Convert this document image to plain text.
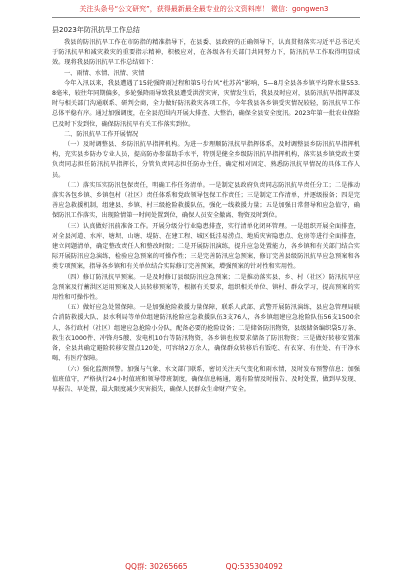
关注头条号“公文研究”，获得最新最全最专业的公文资料库！ 微信：gongwen3
县2023年防汛抗旱工作总结

我县的防汛抗旱工作在市防指的精准指导下，在县委、县政府的正确领导下，认真贯彻落实习近平总书记关于防汛抗旱和减灾救灾的重要指示精神，积极应对，在各级各有关部门共同努力下，防汛抗旱工作取得明显成效。现将我县防汛抗旱工作总结如下：

一、雨情、水情、汛情、灾情

今年入汛以来，我县遭遇了15轮强降雨过程和第5号台风“杜苏芮”影响，5—8月全县各乡镇平均降水量553.8毫米，较往年同期偏多，多轮强降雨导致我县遭受洪涝灾害，灾情发生后，我县及时应对，县防汛抗旱指挥部及时与相关部门沟通联系、研判会商，全力做好防汛救灾各项工作，今年我县各乡镇受灾情况较轻，防汛抗旱工作总体平稳有序。通过加强调度，在全县范围内开展大排查、大整治，确保全县安全度汛。2023年第一批农业保险已及时下发到位，确保防汛抗旱有关工作落实到位。

二、防汛抗旱工作开展情况

（一）及时调整县、乡防汛抗旱指挥机构。为进一步理顺防汛抗旱指挥体系，及时调整县乡防汛抗旱指挥机构，充实县乡防办专业人员，提高防办参谋助手水平，特别是健全乡级防汛抗旱指挥机构，落实县乡镇党政主要负责同志担任防汛抗旱指挥长，分管负责同志担任防办主任，确定相对固定、熟悉防汛抗旱情况的具体工作人员。

（二）落实压实防汛包保责任，明确工作任务清单。一是制定县政府负责同志防汛抗旱责任分工；二是推动落实各包乡镇、乡镇包村（社区）责任体系和党政领导包保工作责任；三是制定工作清单，并逐级报备；四是完善应急救援机制，组建县、乡镇、村三级抢险救援队伍，强化一线救援力量；五是加强日常督导和应急值守，确保防汛工作落实，出现险情第一时间处置到位，确保人员安全撤离、物资及时到位。

（三）认真做好汛前准备工作。开展分级分行业隐患排查，实行清单化闭环管理。一是组织开展全面排查，对全县河道、水库、塘坝、山塘、堤防、在建工程、城区低洼易涝点、地质灾害隐患点、危房等进行全面排查，建立问题清单，确定整改责任人和整改时限；二是开展防汛演练，提升应急处置能力，各乡镇和有关部门结合实际开展防汛应急演练，检验应急预案的可操作性；三是完善防汛应急预案，修订完善县级防汛抗旱应急预案和各类专项预案，指导各乡镇和有关单位结合实际修订完善预案，增强预案的针对性和实用性。

（四）修订防汛抗旱预案。一是及时修订县级防汛应急预案；二是推动落实县、乡、村（社区）防汛抗旱应急预案及行蓄洪区运用预案及人员转移预案等，根据有关要求，组织相关单位、镇村、群众学习，提高预案的实用性和可操作性。

（五）做好应急处置保障。一是加强抢险救援力量保障，联系人武部、武警开展防汛演练，县应急管理局联合消防救援大队、县水利局等单位组建防汛抢险应急救援队伍3支76人，各乡镇组建应急抢险队伍56支1500余人，各行政村（社区）组建应急抢险小分队，配备必要的抢险设备；二是储备防汛物资，县级储备编织袋5万条、救生衣1000件、冲锋舟5艘、发电机10台等防汛物资，各乡镇也按要求储备了防汛物资；三是做好转移安置准备，全县共确定避险转移安置点120处，可容纳2万余人，确保群众转移后有饭吃、有衣穿、有住处、有干净水喝、有医疗保障。

（六）强化监测预警。加强与气象、水文部门联系，密切关注天气变化和雨水情，及时发布预警信息；加强值班值守，严格执行24小时值班和领导带班制度，确保信息畅通，遇有险情及时报告、及时处置，做到早发现、早报告、早处置，最大限度减少灾害损失，确保人民群众生命财产安全。

QQ群: 30265665	QQ:535304092
